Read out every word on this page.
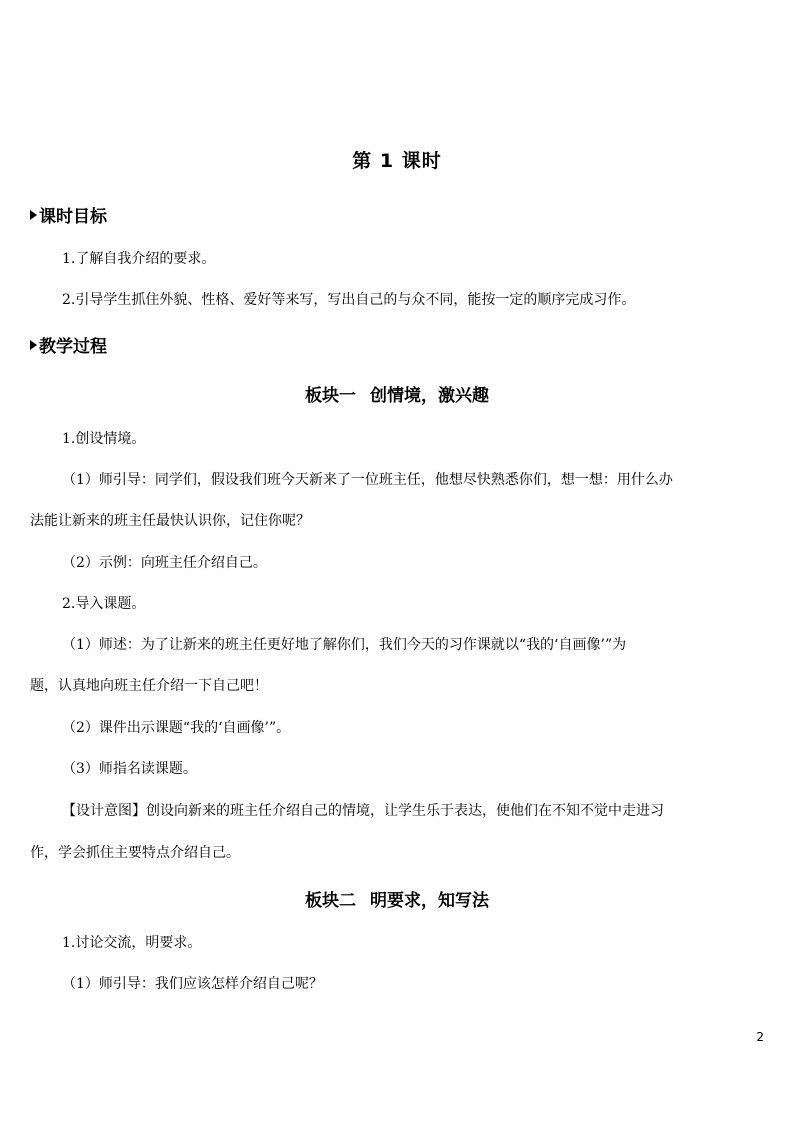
第 1 课时
课时目标
1.了解自我介绍的要求。
2.引导学生抓住外貌、性格、爱好等来写，写出自己的与众不同，能按一定的顺序完成习作。
教学过程
板块一 创情境，激兴趣
1.创设情境。
（1）师引导：同学们，假设我们班今天新来了一位班主任，他想尽快熟悉你们，想一想：用什么办
法能让新来的班主任最快认识你，记住你呢？
（2）示例：向班主任介绍自己。
2.导入课题。
（1）师述：为了让新来的班主任更好地了解你们，我们今天的习作课就以“我的‘自画像’”为
题，认真地向班主任介绍一下自己吧！
（2）课件出示课题“我的‘自画像’”。
（3）师指名读课题。
【设计意图】创设向新来的班主任介绍自己的情境，让学生乐于表达，使他们在不知不觉中走进习
作，学会抓住主要特点介绍自己。
板块二 明要求，知写法
1.讨论交流，明要求。
（1）师引导：我们应该怎样介绍自己呢？
2
